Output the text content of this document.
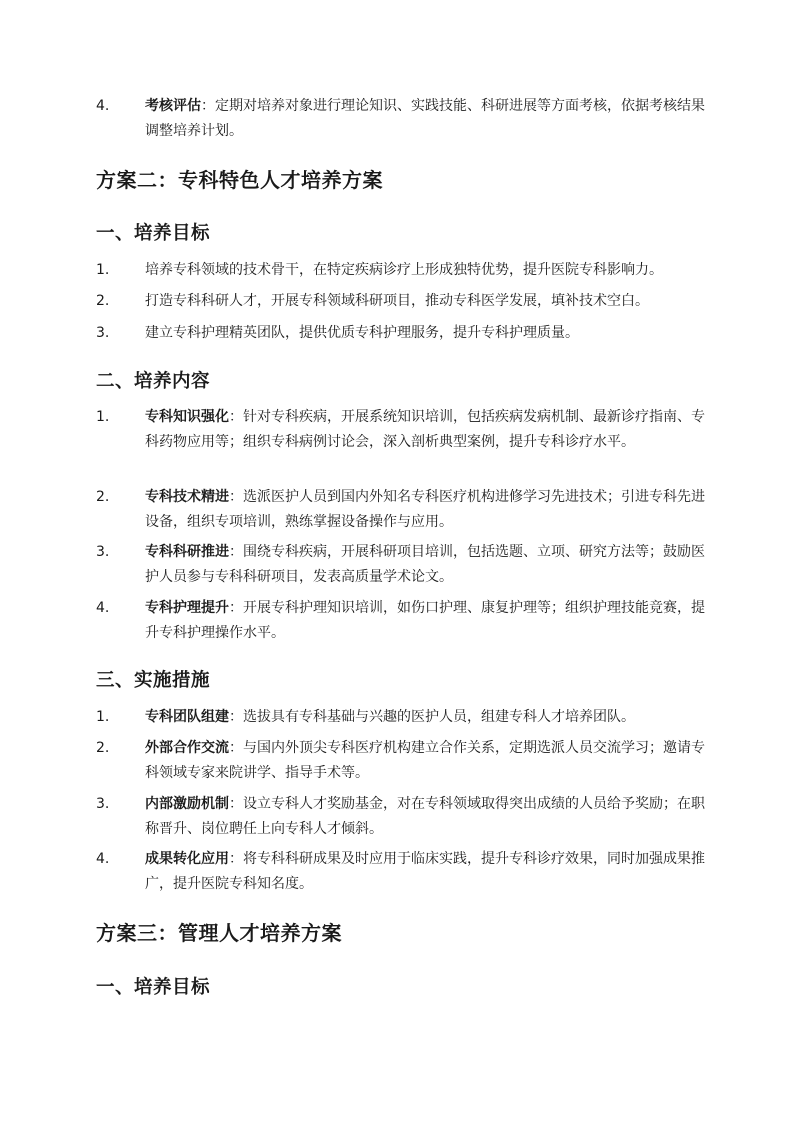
4.	考核评估：定期对培养对象进行理论知识、实践技能、科研进展等方面考核，依据考核结果调整培养计划。
方案二：专科特色人才培养方案
一、培养目标
1.	培养专科领域的技术骨干，在特定疾病诊疗上形成独特优势，提升医院专科影响力。
2.	打造专科科研人才，开展专科领域科研项目，推动专科医学发展，填补技术空白。
3.	建立专科护理精英团队，提供优质专科护理服务，提升专科护理质量。
二、培养内容
1.	专科知识强化：针对专科疾病，开展系统知识培训，包括疾病发病机制、最新诊疗指南、专科药物应用等；组织专科病例讨论会，深入剖析典型案例，提升专科诊疗水平。
2.	专科技术精进：选派医护人员到国内外知名专科医疗机构进修学习先进技术；引进专科先进设备，组织专项培训，熟练掌握设备操作与应用。
3.	专科科研推进：围绕专科疾病，开展科研项目培训，包括选题、立项、研究方法等；鼓励医护人员参与专科科研项目，发表高质量学术论文。
4.	专科护理提升：开展专科护理知识培训，如伤口护理、康复护理等；组织护理技能竞赛，提升专科护理操作水平。
三、实施措施
1.	专科团队组建：选拔具有专科基础与兴趣的医护人员，组建专科人才培养团队。
2.	外部合作交流：与国内外顶尖专科医疗机构建立合作关系，定期选派人员交流学习；邀请专科领域专家来院讲学、指导手术等。
3.	内部激励机制：设立专科人才奖励基金，对在专科领域取得突出成绩的人员给予奖励；在职称晋升、岗位聘任上向专科人才倾斜。
4.	成果转化应用：将专科科研成果及时应用于临床实践，提升专科诊疗效果，同时加强成果推广，提升医院专科知名度。
方案三：管理人才培养方案
一、培养目标
